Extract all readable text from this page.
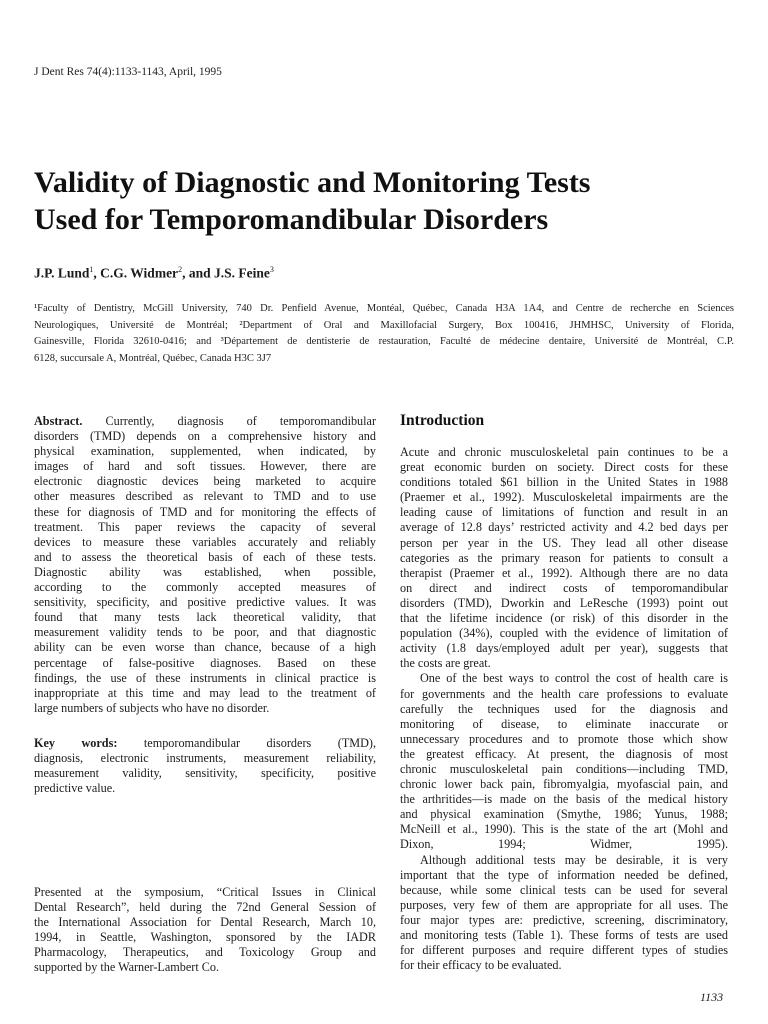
J Dent Res 74(4):1133-1143, April, 1995
Validity of Diagnostic and Monitoring Tests
Used for Temporomandibular Disorders
J.P. Lund$^1$, C.G. Widmer$^2$, and J.S. Feine$^3$
¹Faculty of Dentistry, McGill University, 740 Dr. Penfield Avenue, Montéal, Québec, Canada H3A 1A4, and Centre de recherche en Sciences
Neurologiques, Université de Montréal; ²Department of Oral and Maxillofacial Surgery, Box 100416, JHMHSC, University of Florida,
Gainesville, Florida 32610-0416; and ³Département de dentisterie de restauration, Faculté de médecine dentaire, Université de Montréal, C.P.
6128, succursale A, Montréal, Québec, Canada H3C 3J7
Abstract. Currently, diagnosis of temporomandibular
disorders (TMD) depends on a comprehensive history and
physical examination, supplemented, when indicated, by
images of hard and soft tissues. However, there are
electronic diagnostic devices being marketed to acquire
other measures described as relevant to TMD and to use
these for diagnosis of TMD and for monitoring the effects of
treatment. This paper reviews the capacity of several
devices to measure these variables accurately and reliably
and to assess the theoretical basis of each of these tests.
Diagnostic ability was established, when possible,
according to the commonly accepted measures of
sensitivity, specificity, and positive predictive values. It was
found that many tests lack theoretical validity, that
measurement validity tends to be poor, and that diagnostic
ability can be even worse than chance, because of a high
percentage of false-positive diagnoses. Based on these
findings, the use of these instruments in clinical practice is
inappropriate at this time and may lead to the treatment of
large numbers of subjects who have no disorder.
Key words: temporomandibular disorders (TMD),
diagnosis, electronic instruments, measurement reliability,
measurement validity, sensitivity, specificity, positive
predictive value.
Presented at the symposium, “Critical Issues in Clinical
Dental Research”, held during the 72nd General Session of
the International Association for Dental Research, March 10,
1994, in Seattle, Washington, sponsored by the IADR
Pharmacology, Therapeutics, and Toxicology Group and
supported by the Warner-Lambert Co.
Introduction
Acute and chronic musculoskeletal pain continues to be a
great economic burden on society. Direct costs for these
conditions totaled $61 billion in the United States in 1988
(Praemer et al., 1992). Musculoskeletal impairments are the
leading cause of limitations of function and result in an
average of 12.8 days’ restricted activity and 4.2 bed days per
person per year in the US. They lead all other disease
categories as the primary reason for patients to consult a
therapist (Praemer et al., 1992). Although there are no data
on direct and indirect costs of temporomandibular
disorders (TMD), Dworkin and LeResche (1993) point out
that the lifetime incidence (or risk) of this disorder in the
population (34%), coupled with the evidence of limitation of
activity (1.8 days/employed adult per year), suggests that
the costs are great.
One of the best ways to control the cost of health care is
for governments and the health care professions to evaluate
carefully the techniques used for the diagnosis and
monitoring of disease, to eliminate inaccurate or
unnecessary procedures and to promote those which show
the greatest efficacy. At present, the diagnosis of most
chronic musculoskeletal pain conditions—including TMD,
chronic lower back pain, fibromyalgia, myofascial pain, and
the arthritides—is made on the basis of the medical history
and physical examination (Smythe, 1986; Yunus, 1988;
McNeill et al., 1990). This is the state of the art (Mohl and
Dixon, 1994; Widmer, 1995).
Although additional tests may be desirable, it is very
important that the type of information needed be defined,
because, while some clinical tests can be used for several
purposes, very few of them are appropriate for all uses. The
four major types are: predictive, screening, discriminatory,
and monitoring tests (Table 1). These forms of tests are used
for different purposes and require different types of studies
for their efficacy to be evaluated.
1133
